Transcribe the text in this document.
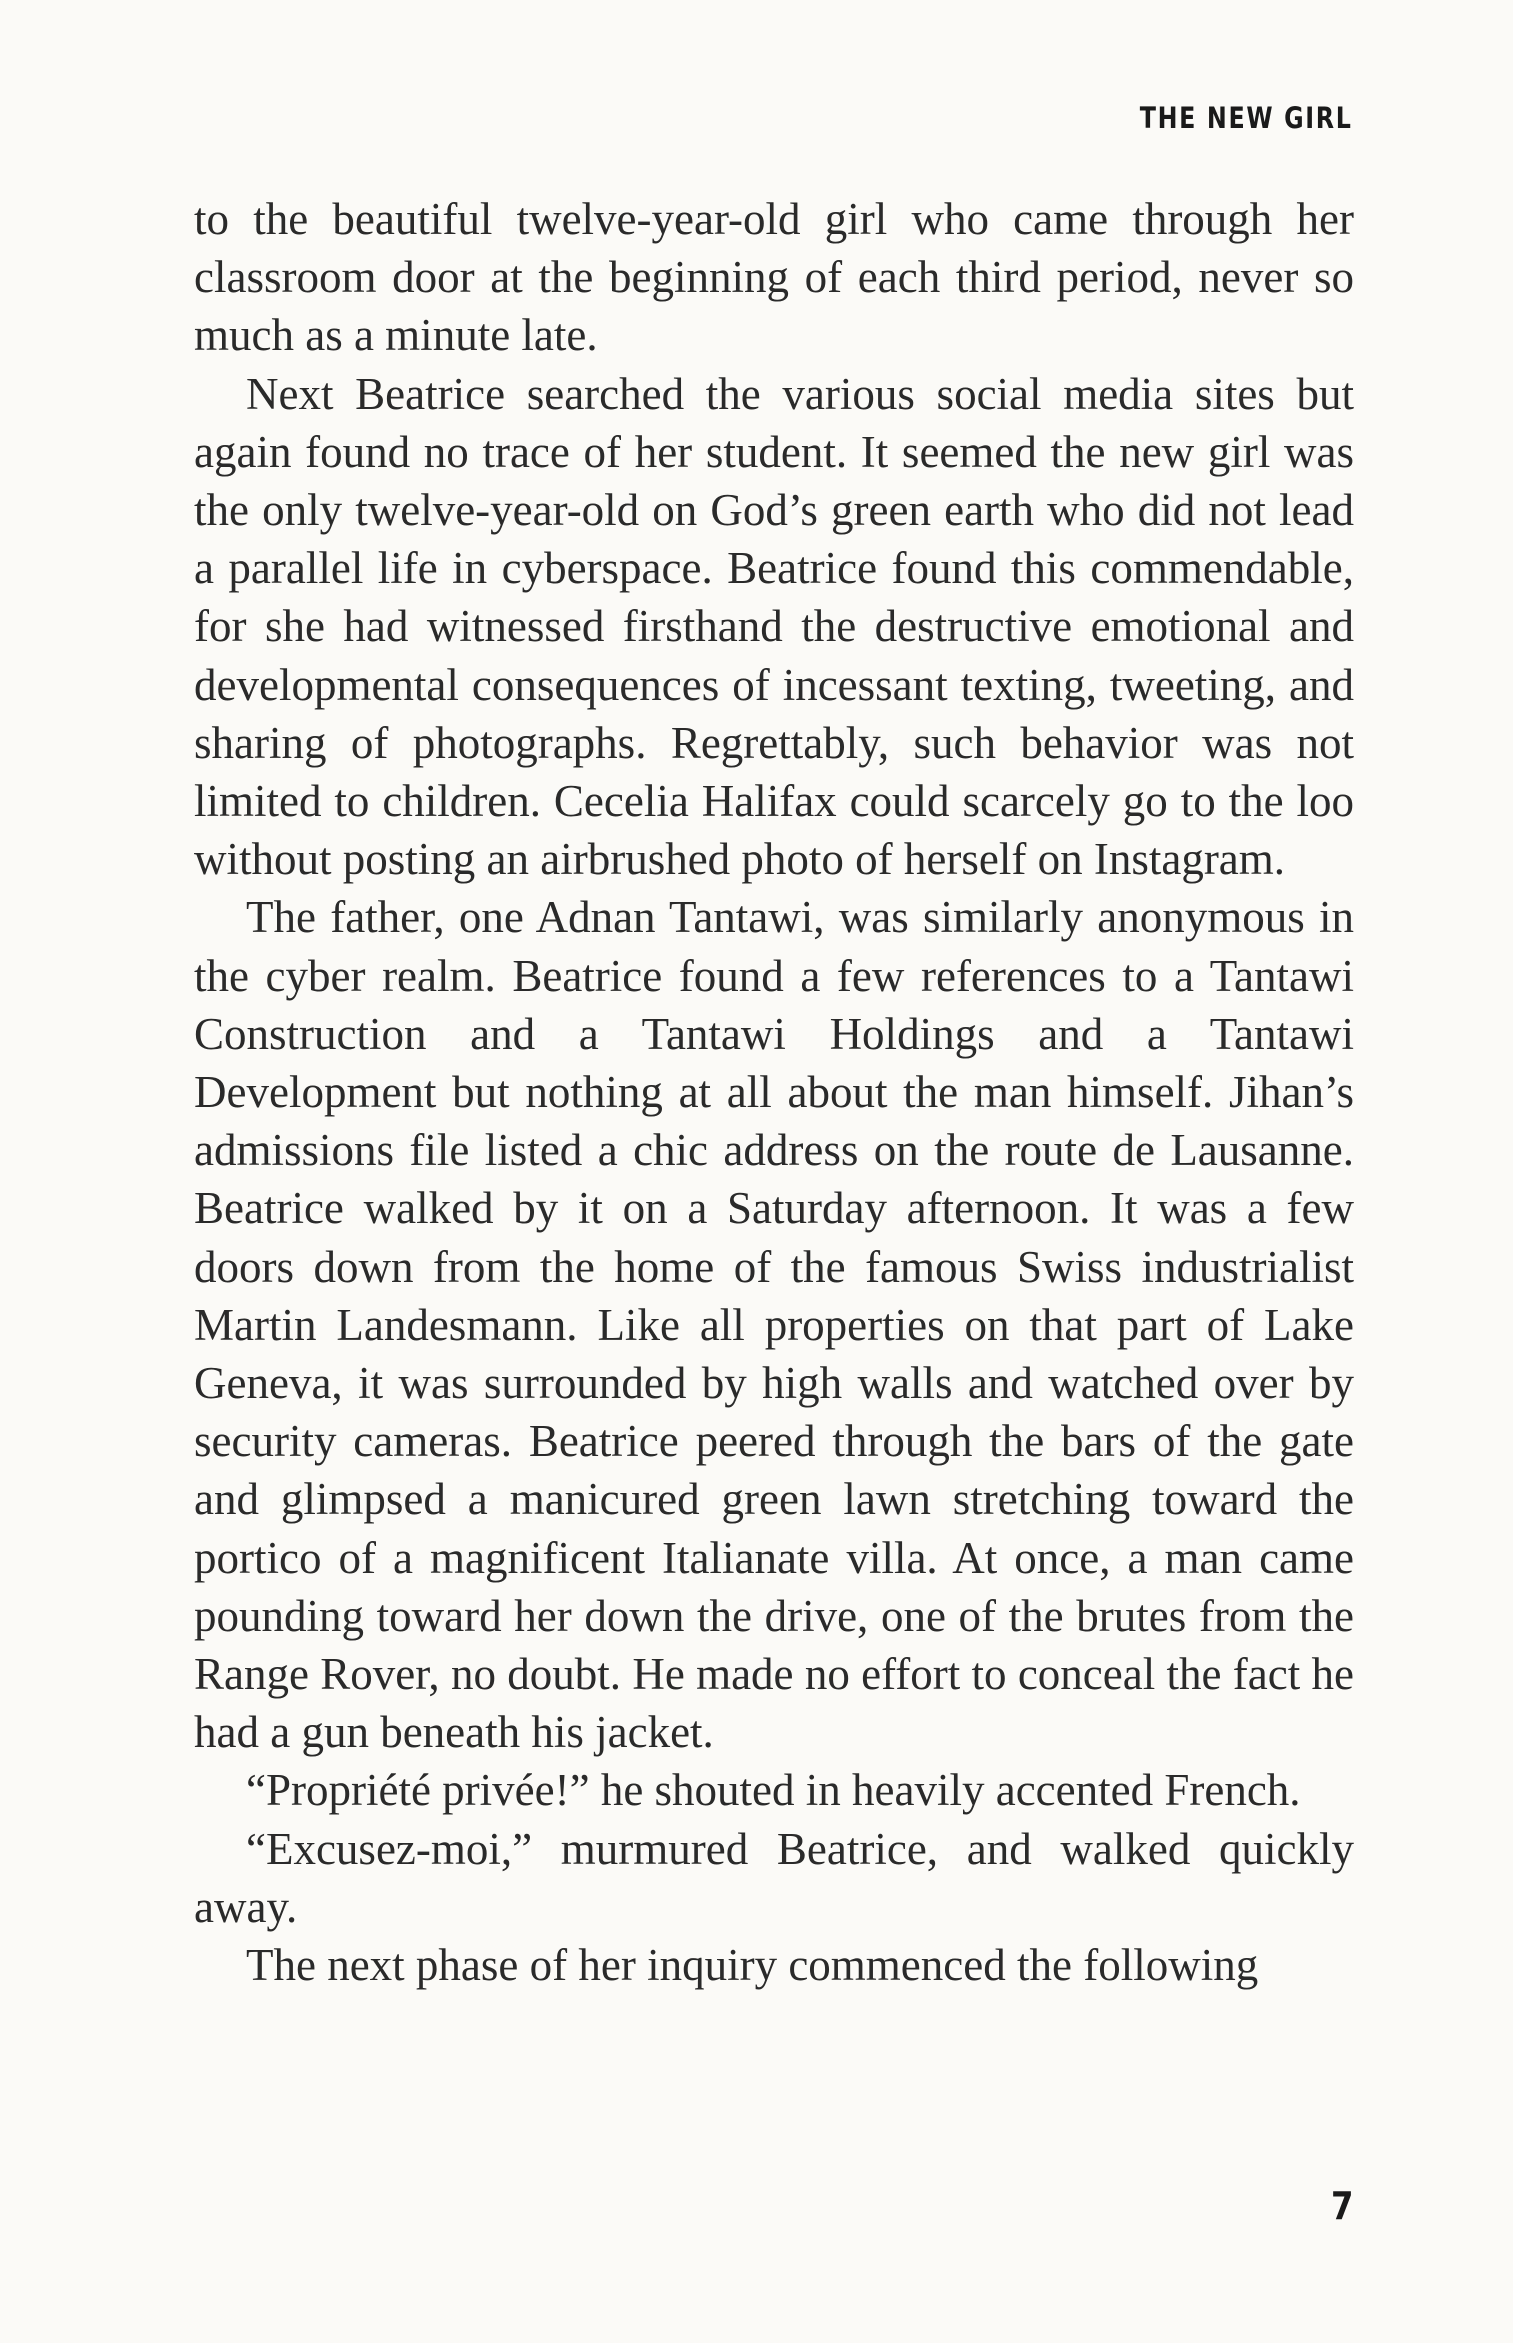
THE NEW GIRL

to the beautiful twelve-year-old girl who came through her classroom door at the beginning of each third period, never so much as a minute late.

Next Beatrice searched the various social media sites but again found no trace of her student. It seemed the new girl was the only twelve-year-old on God’s green earth who did not lead a parallel life in cyberspace. Beatrice found this commendable, for she had witnessed firsthand the destructive emotional and developmental consequences of incessant texting, tweeting, and sharing of photographs. Regrettably, such behavior was not limited to children. Cecelia Halifax could scarcely go to the loo without posting an airbrushed photo of herself on Instagram.

The father, one Adnan Tantawi, was similarly anonymous in the cyber realm. Beatrice found a few references to a Tantawi Construction and a Tantawi Holdings and a Tantawi Development but nothing at all about the man himself. Jihan’s admissions file listed a chic address on the route de Lausanne. Beatrice walked by it on a Saturday afternoon. It was a few doors down from the home of the famous Swiss industrialist Martin Landesmann. Like all properties on that part of Lake Geneva, it was surrounded by high walls and watched over by security cameras. Beatrice peered through the bars of the gate and glimpsed a manicured green lawn stretching toward the portico of a magnificent Italianate villa. At once, a man came pounding toward her down the drive, one of the brutes from the Range Rover, no doubt. He made no effort to conceal the fact he had a gun beneath his jacket.

“Propriété privée!” he shouted in heavily accented French.

“Excusez-moi,” murmured Beatrice, and walked quickly away.

The next phase of her inquiry commenced the following

7
